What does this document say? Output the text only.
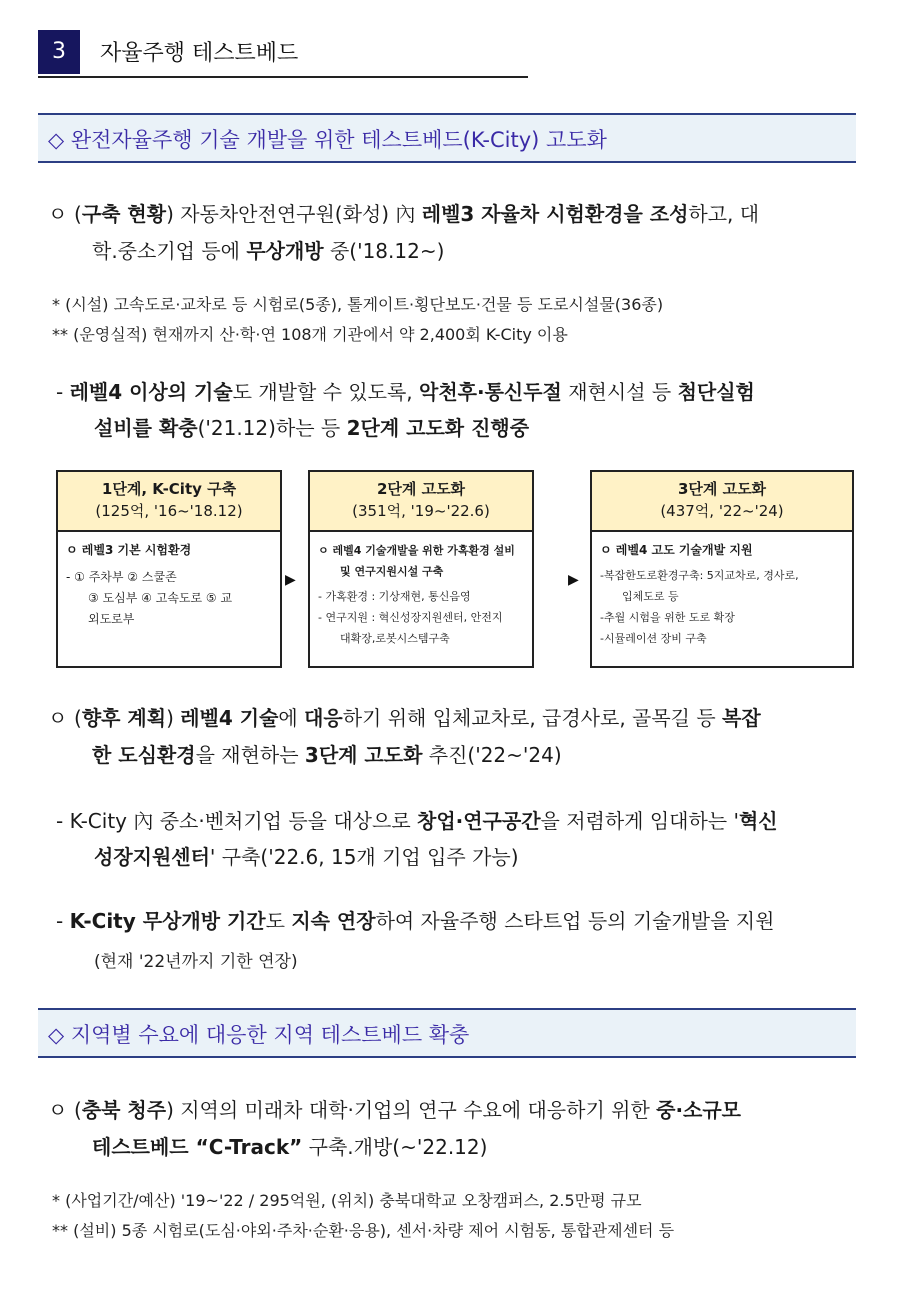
3	자율주행 테스트베드
◇ 완전자율주행 기술 개발을 위한 테스트베드(K-City) 고도화
ㅇ (구축 현황) 자동차안전연구원(화성) 內 레벨3 자율차 시험환경을 조성하고, 대
학.중소기업 등에 무상개방 중('18.12~)
* (시설) 고속도로·교차로 등 시험로(5종), 톨게이트·횡단보도·건물 등 도로시설물(36종)
** (운영실적) 현재까지 산·학·연 108개 기관에서 약 2,400회 K-City 이용
- 레벨4 이상의 기술도 개발할 수 있도록, 악천후·통신두절 재현시설 등 첨단실험
설비를 확충('21.12)하는 등 2단계 고도화 진행중
1단계, K-City 구축
(125억, '16~'18.12)
ㅇ 레벨3 기본 시험환경
- ① 주차부 ② 스쿨존
③ 도심부 ④ 고속도로 ⑤ 교
외도로부
▶
2단계 고도화
(351억, '19~'22.6)
ㅇ 레벨4 기술개발을 위한 가혹환경 설비
및 연구지원시설 구축
- 가혹환경 : 기상재현, 통신음영
- 연구지원 : 혁신성장지원센터, 안전지
대확장,로봇시스템구축
▶
3단계 고도화
(437억, '22~'24)
ㅇ 레벨4 고도 기술개발 지원
-복잡한도로환경구축: 5지교차로, 경사로,
입체도로 등
-추월 시험을 위한 도로 확장
-시뮬레이션 장비 구축
ㅇ (향후 계획) 레벨4 기술에 대응하기 위해 입체교차로, 급경사로, 골목길 등 복잡
한 도심환경을 재현하는 3단계 고도화 추진('22~'24)
- K-City 內 중소·벤처기업 등을 대상으로 창업·연구공간을 저렴하게 임대하는 '혁신
성장지원센터' 구축('22.6, 15개 기업 입주 가능)
- K-City 무상개방 기간도 지속 연장하여 자율주행 스타트업 등의 기술개발을 지원
(현재 '22년까지 기한 연장)
◇ 지역별 수요에 대응한 지역 테스트베드 확충
ㅇ (충북 청주) 지역의 미래차 대학·기업의 연구 수요에 대응하기 위한 중·소규모
테스트베드 “C-Track” 구축.개방(~'22.12)
* (사업기간/예산) '19~'22 / 295억원, (위치) 충북대학교 오창캠퍼스, 2.5만평 규모
** (설비) 5종 시험로(도심·야외·주차·순환·응용), 센서·차량 제어 시험동, 통합관제센터 등
